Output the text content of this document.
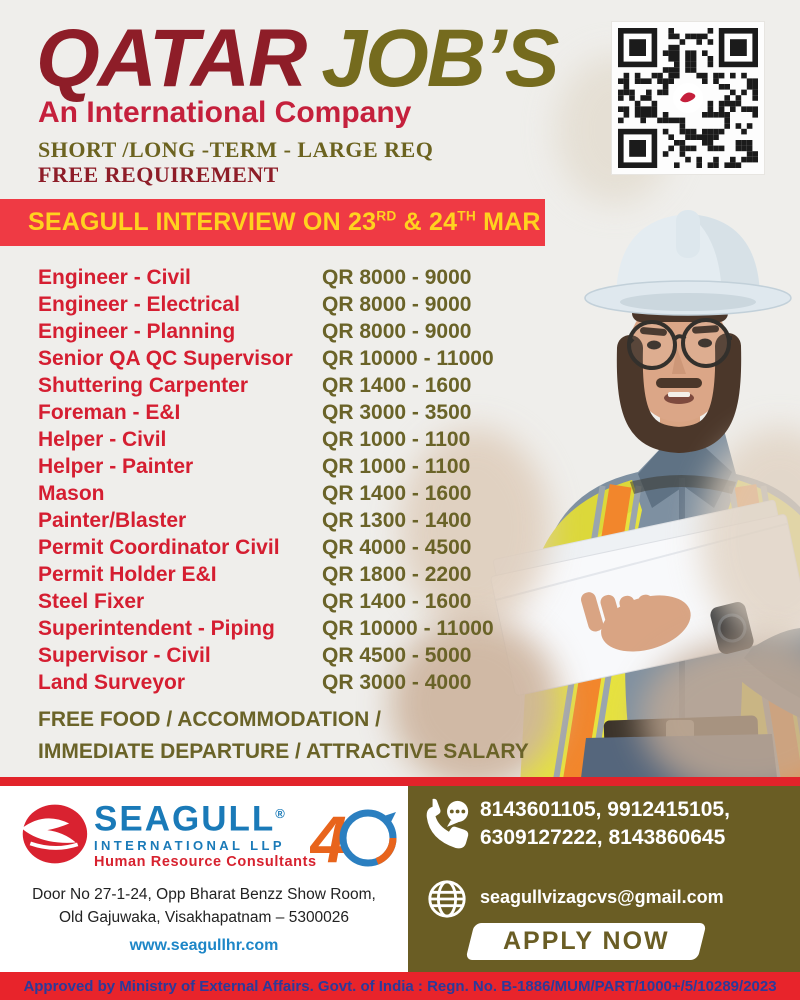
QATAR JOB’S
An International Company
SHORT /LONG -TERM - LARGE REQ
FREE REQUIREMENT
SEAGULL INTERVIEW ON 23RD & 24TH MAR
Engineer - Civil	QR 8000 - 9000
Engineer - Electrical	QR 8000 - 9000
Engineer - Planning	QR 8000 - 9000
Senior QA QC Supervisor	QR 10000 - 11000
Shuttering Carpenter	QR 1400 - 1600
Foreman - E&I	QR 3000 - 3500
Helper - Civil	QR 1000 - 1100
Helper - Painter	QR 1000 - 1100
Mason	QR 1400 - 1600
Painter/Blaster	QR 1300 - 1400
Permit Coordinator Civil	QR 4000 - 4500
Permit Holder E&I	QR 1800 - 2200
Steel Fixer	QR 1400 - 1600
Superintendent - Piping	QR 10000 - 11000
Supervisor - Civil	QR 4500 - 5000
Land Surveyor	QR 3000 - 4000
FREE FOOD / ACCOMMODATION /
IMMEDIATE DEPARTURE / ATTRACTIVE SALARY
SEAGULL®
INTERNATIONAL LLP
Human Resource Consultants
4
Door No 27-1-24, Opp Bharat Benzz Show Room,
Old Gajuwaka, Visakhapatnam – 5300026
www.seagullhr.com
8143601105, 9912415105,
6309127222, 8143860645
seagullvizagcvs@gmail.com
APPLY NOW
Approved by Ministry of External Affairs. Govt. of India : Regn. No. B-1886/MUM/PART/1000+/5/10289/2023
